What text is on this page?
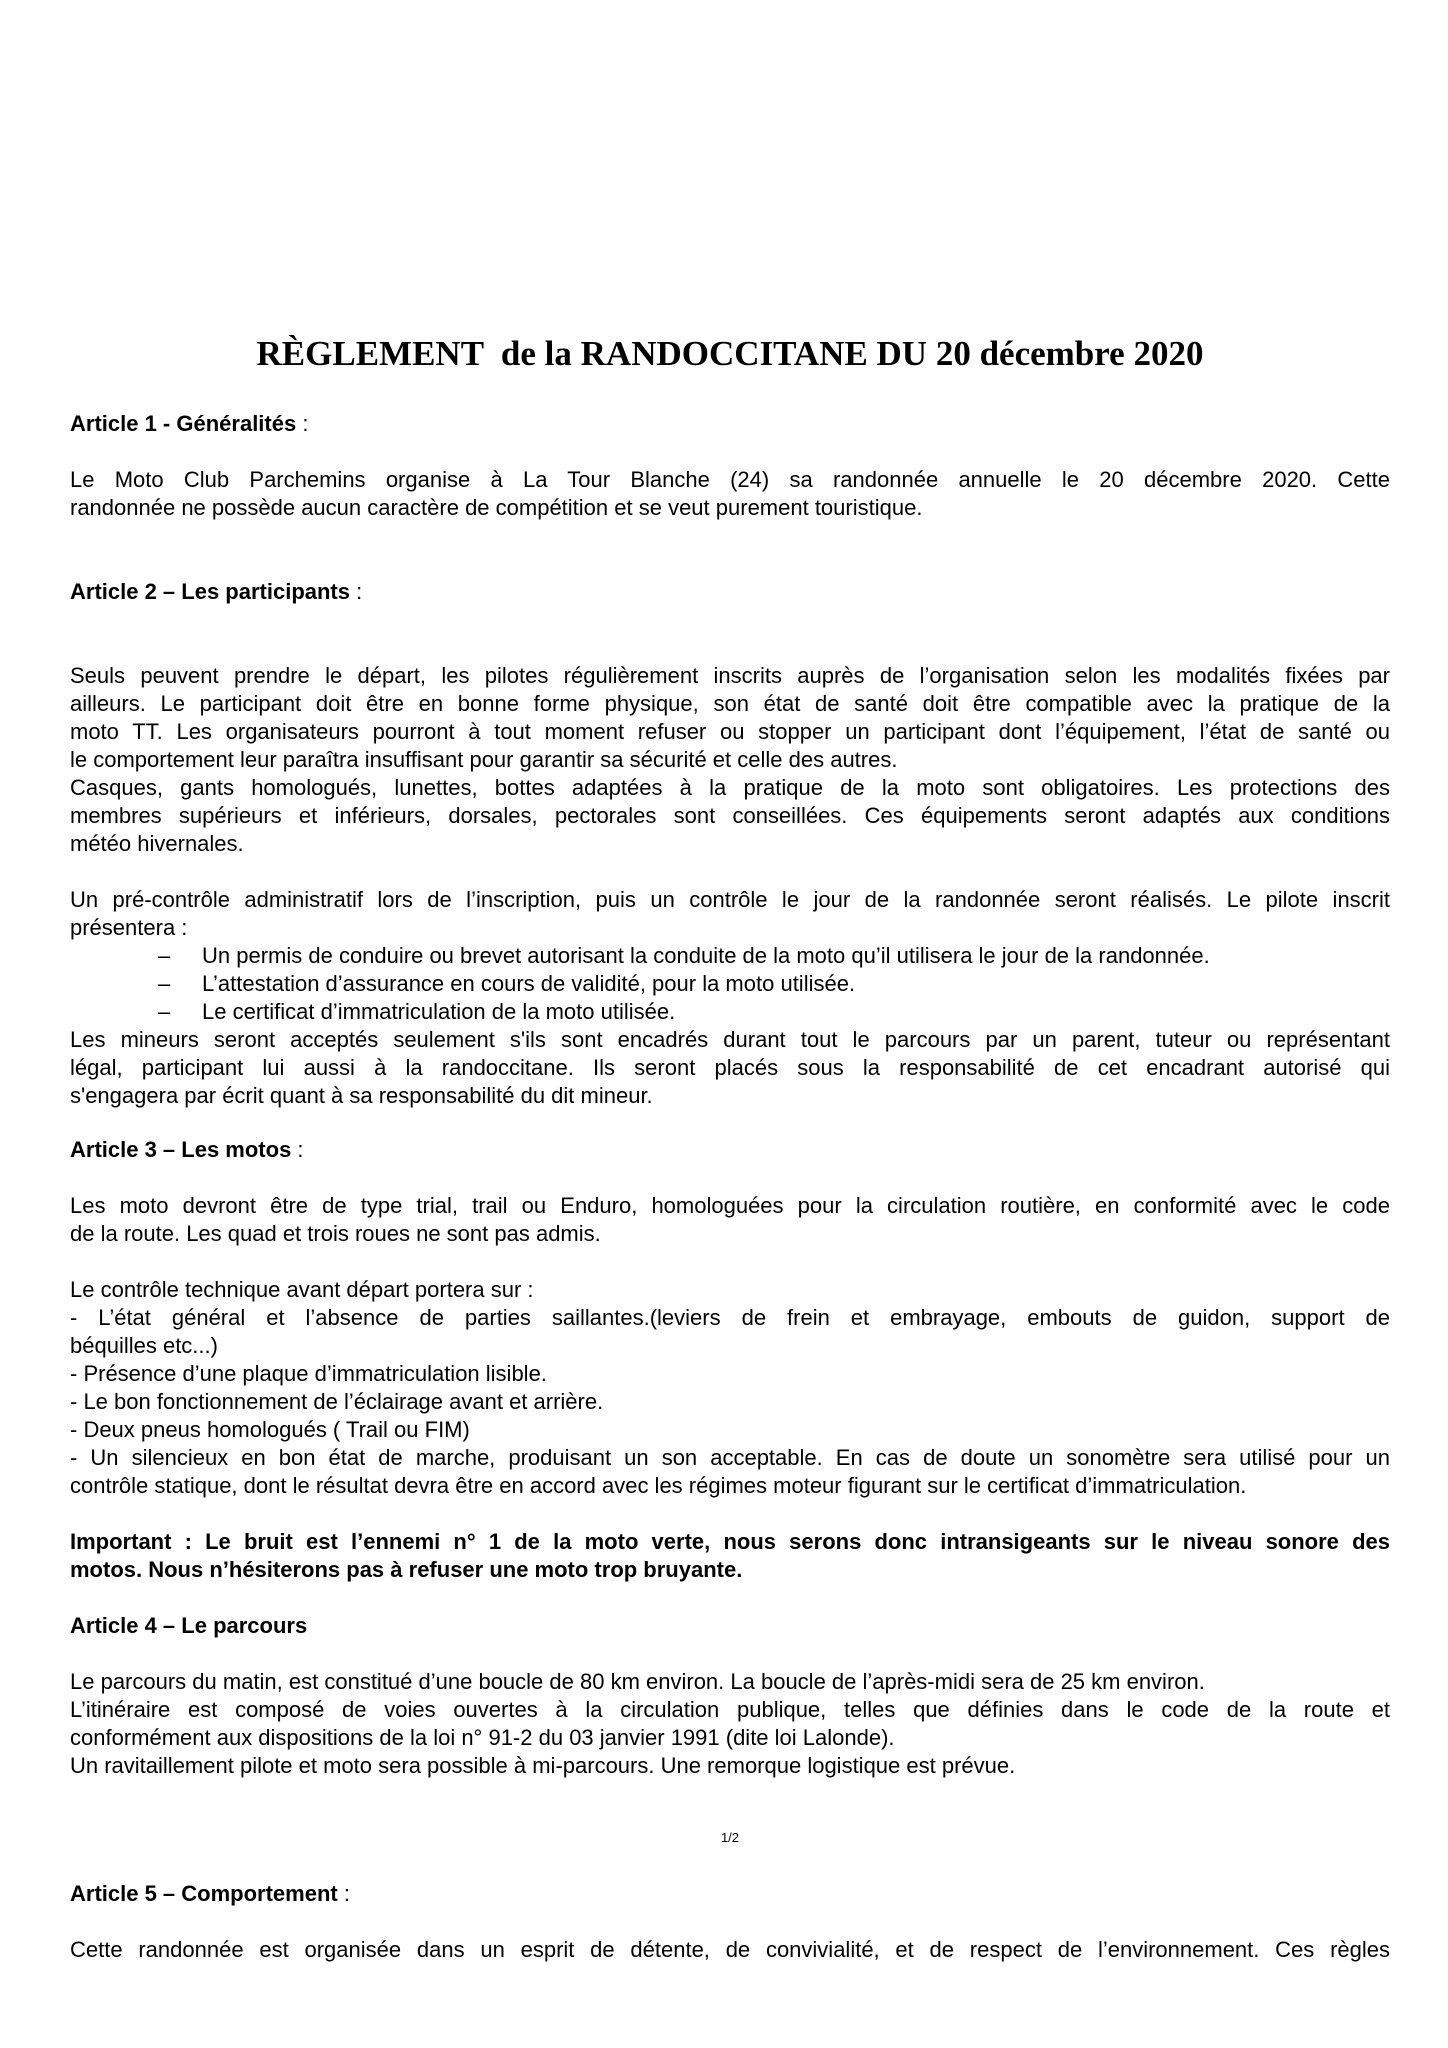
RÈGLEMENT  de la RANDOCCITANE DU 20 décembre 2020
Article 1 - Généralités :
Le Moto Club Parchemins organise à La Tour Blanche (24) sa randonnée annuelle le 20 décembre 2020. Cette
randonnée ne possède aucun caractère de compétition et se veut purement touristique.
Article 2 – Les participants :
Seuls peuvent prendre le départ, les pilotes régulièrement inscrits auprès de l’organisation selon les modalités fixées par
ailleurs. Le participant doit être en bonne forme physique, son état de santé doit être compatible avec la pratique de la
moto TT. Les organisateurs pourront à tout moment refuser ou stopper un participant dont l’équipement, l’état de santé ou
le comportement leur paraîtra insuffisant pour garantir sa sécurité et celle des autres.
Casques, gants homologués, lunettes, bottes adaptées à la pratique de la moto sont obligatoires. Les protections des
membres supérieurs et inférieurs, dorsales, pectorales sont conseillées. Ces équipements seront adaptés aux conditions
météo hivernales.
Un pré-contrôle administratif lors de l’inscription, puis un contrôle le jour de la randonnée seront réalisés. Le pilote inscrit
présentera :
– Un permis de conduire ou brevet autorisant la conduite de la moto qu’il utilisera le jour de la randonnée.
– L’attestation d’assurance en cours de validité, pour la moto utilisée.
– Le certificat d’immatriculation de la moto utilisée.
Les mineurs seront acceptés seulement s'ils sont encadrés durant tout le parcours par un parent, tuteur ou représentant
légal, participant lui aussi à la randoccitane. Ils seront placés sous la responsabilité de cet encadrant autorisé qui
s'engagera par écrit quant à sa responsabilité du dit mineur.
Article 3 – Les motos :
Les moto devront être de type trial, trail ou Enduro, homologuées pour la circulation routière, en conformité avec le code
de la route. Les quad et trois roues ne sont pas admis.
Le contrôle technique avant départ portera sur :
- L’état général et l’absence de parties saillantes.(leviers de frein et embrayage, embouts de guidon, support de
béquilles etc...)
- Présence d’une plaque d’immatriculation lisible.
- Le bon fonctionnement de l’éclairage avant et arrière.
- Deux pneus homologués ( Trail ou FIM)
- Un silencieux en bon état de marche, produisant un son acceptable. En cas de doute un sonomètre sera utilisé pour un
contrôle statique, dont le résultat devra être en accord avec les régimes moteur figurant sur le certificat d’immatriculation.
Important : Le bruit est l’ennemi n° 1 de la moto verte, nous serons donc intransigeants sur le niveau sonore des
motos. Nous n’hésiterons pas à refuser une moto trop bruyante.
Article 4 – Le parcours
Le parcours du matin, est constitué d’une boucle de 80 km environ. La boucle de l’après-midi sera de 25 km environ.
L’itinéraire est composé de voies ouvertes à la circulation publique, telles que définies dans le code de la route et
conformément aux dispositions de la loi n° 91-2 du 03 janvier 1991 (dite loi Lalonde).
Un ravitaillement pilote et moto sera possible à mi-parcours. Une remorque logistique est prévue.
1/2
Article 5 – Comportement :
Cette randonnée est organisée dans un esprit de détente, de convivialité, et de respect de l’environnement. Ces règles
